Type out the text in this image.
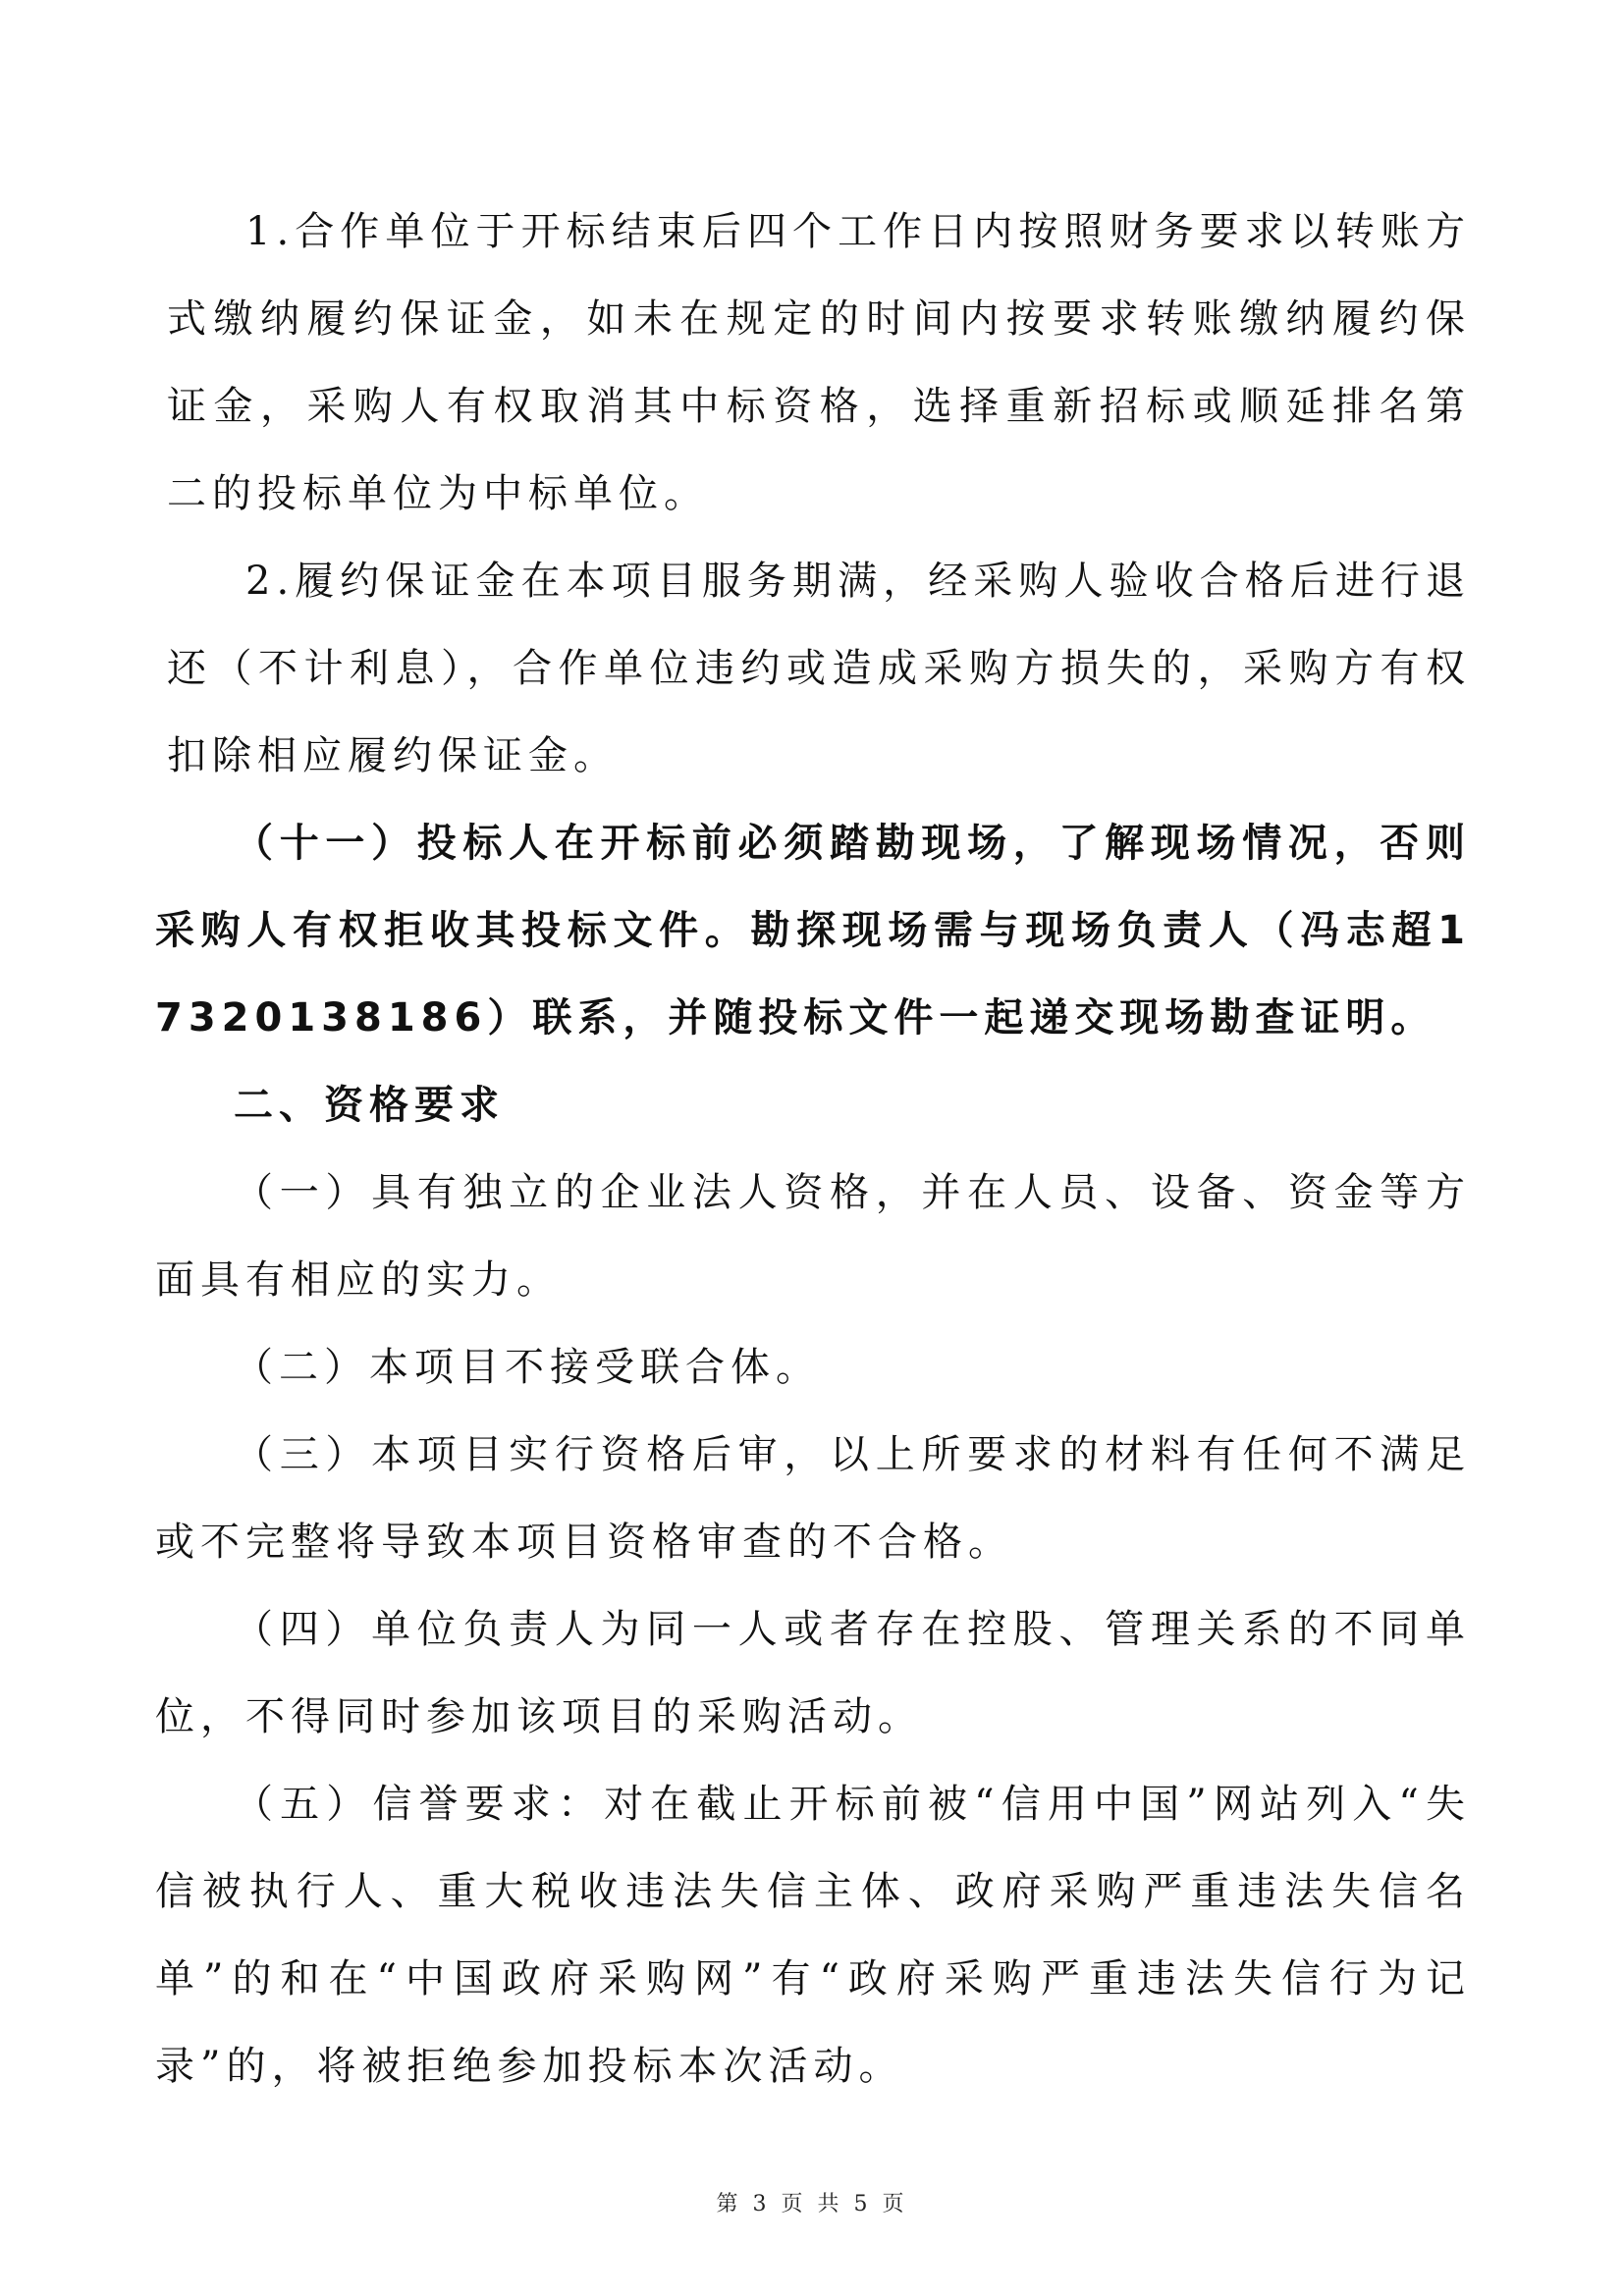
1.合作单位于开标结束后四个工作日内按照财务要求以转账方式缴纳履约保证金，如未在规定的时间内按要求转账缴纳履约保证金，采购人有权取消其中标资格，选择重新招标或顺延排名第二的投标单位为中标单位。

2.履约保证金在本项目服务期满，经采购人验收合格后进行退还（不计利息），合作单位违约或造成采购方损失的，采购方有权扣除相应履约保证金。

（十一）投标人在开标前必须踏勘现场，了解现场情况，否则采购人有权拒收其投标文件。勘探现场需与现场负责人（冯志超17320138186）联系，并随投标文件一起递交现场勘查证明。

二、资格要求

（一）具有独立的企业法人资格，并在人员、设备、资金等方面具有相应的实力。

（二）本项目不接受联合体。

（三）本项目实行资格后审，以上所要求的材料有任何不满足或不完整将导致本项目资格审查的不合格。

（四）单位负责人为同一人或者存在控股、管理关系的不同单位，不得同时参加该项目的采购活动。

（五）信誉要求：对在截止开标前被“信用中国”网站列入“失信被执行人、重大税收违法失信主体、政府采购严重违法失信名单”的和在“中国政府采购网”有“政府采购严重违法失信行为记录”的，将被拒绝参加投标本次活动。

第 3 页 共 5 页
